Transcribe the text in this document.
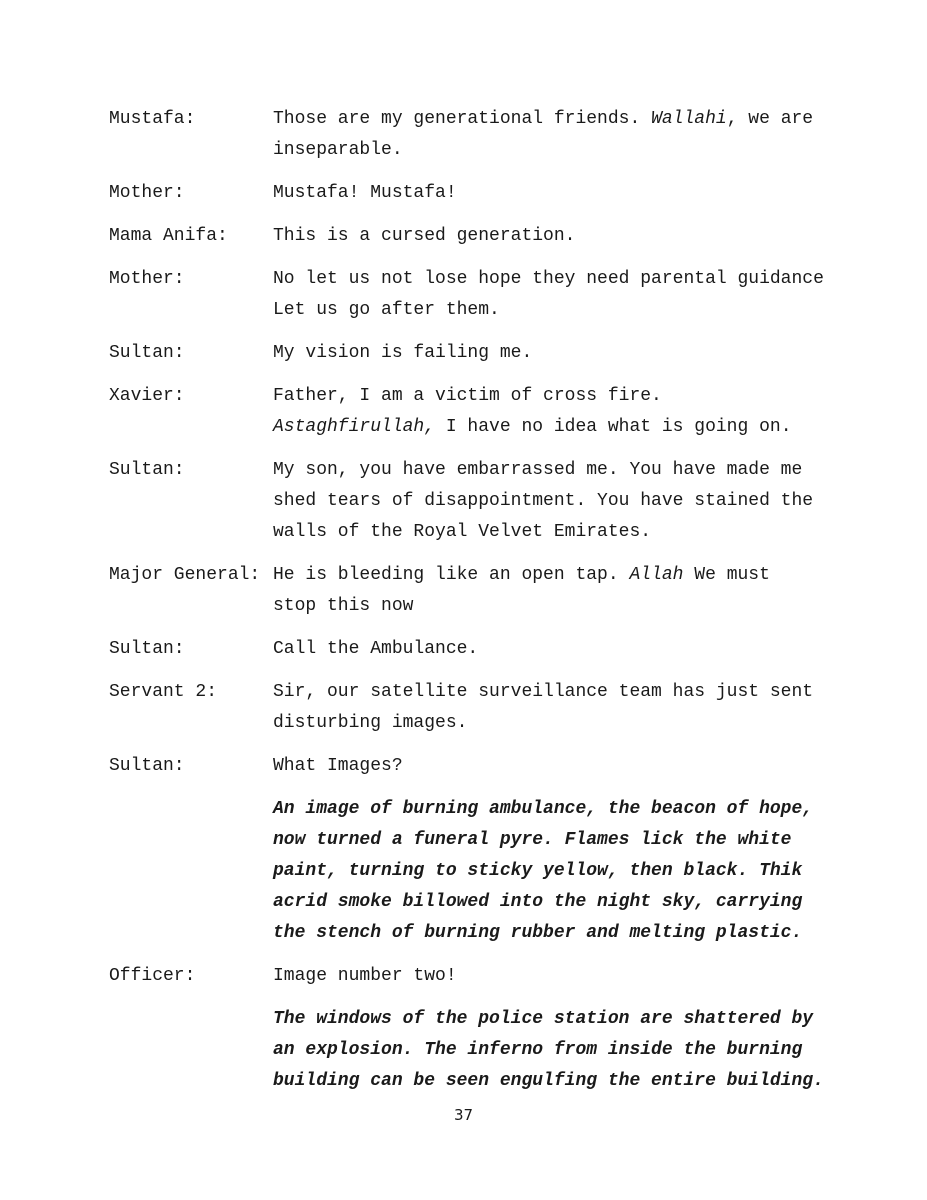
Mustafa:	Those are my generational friends. Wallahi, we are
inseparable.
Mother:	Mustafa! Mustafa!
Mama Anifa:	This is a cursed generation.
Mother:	No let us not lose hope they need parental guidance
Let us go after them.
Sultan:	My vision is failing me.
Xavier:	Father, I am a victim of cross fire.
Astaghfirullah, I have no idea what is going on.
Sultan:	My son, you have embarrassed me. You have made me
shed tears of disappointment. You have stained the
walls of the Royal Velvet Emirates.
Major General: He is bleeding like an open tap. Allah We must
stop this now
Sultan:	Call the Ambulance.
Servant 2:	Sir, our satellite surveillance team has just sent
disturbing images.
Sultan:	What Images?
An image of burning ambulance, the beacon of hope,
now turned a funeral pyre. Flames lick the white
paint, turning to sticky yellow, then black. Thik
acrid smoke billowed into the night sky, carrying
the stench of burning rubber and melting plastic.
Officer:	Image number two!
The windows of the police station are shattered by
an explosion. The inferno from inside the burning
building can be seen engulfing the entire building.
37
